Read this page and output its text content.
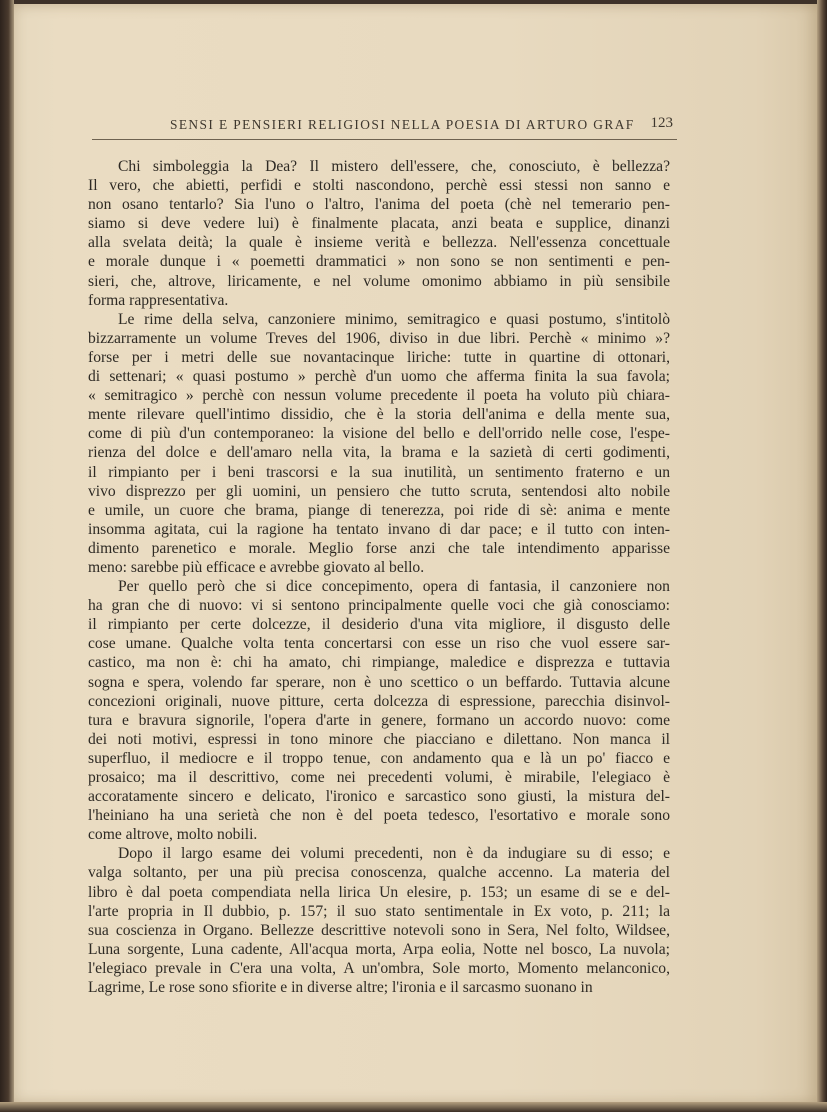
SENSI E PENSIERI RELIGIOSI NELLA POESIA DI ARTURO GRAF 123
Chi simboleggia la Dea? Il mistero dell'essere, che, conosciuto, è bellezza?
Il vero, che abietti, perfidi e stolti nascondono, perchè essi stessi non sanno e
non osano tentarlo? Sia l'uno o l'altro, l'anima del poeta (chè nel temerario pen-
siamo si deve vedere lui) è finalmente placata, anzi beata e supplice, dinanzi
alla svelata deità; la quale è insieme verità e bellezza. Nell'essenza concettuale
e morale dunque i « poemetti drammatici » non sono se non sentimenti e pen-
sieri, che, altrove, liricamente, e nel volume omonimo abbiamo in più sensibile
forma rappresentativa.
Le rime della selva, canzoniere minimo, semitragico e quasi postumo, s'intitolò
bizzarramente un volume Treves del 1906, diviso in due libri. Perchè « minimo »?
forse per i metri delle sue novantacinque liriche: tutte in quartine di ottonari,
di settenari; « quasi postumo » perchè d'un uomo che afferma finita la sua favola;
« semitragico » perchè con nessun volume precedente il poeta ha voluto più chiara-
mente rilevare quell'intimo dissidio, che è la storia dell'anima e della mente sua,
come di più d'un contemporaneo: la visione del bello e dell'orrido nelle cose, l'espe-
rienza del dolce e dell'amaro nella vita, la brama e la sazietà di certi godimenti,
il rimpianto per i beni trascorsi e la sua inutilità, un sentimento fraterno e un
vivo disprezzo per gli uomini, un pensiero che tutto scruta, sentendosi alto nobile
e umile, un cuore che brama, piange di tenerezza, poi ride di sè: anima e mente
insomma agitata, cui la ragione ha tentato invano di dar pace; e il tutto con inten-
dimento parenetico e morale. Meglio forse anzi che tale intendimento apparisse
meno: sarebbe più efficace e avrebbe giovato al bello.
Per quello però che si dice concepimento, opera di fantasia, il canzoniere non
ha gran che di nuovo: vi si sentono principalmente quelle voci che già conosciamo:
il rimpianto per certe dolcezze, il desiderio d'una vita migliore, il disgusto delle
cose umane. Qualche volta tenta concertarsi con esse un riso che vuol essere sar-
castico, ma non è: chi ha amato, chi rimpiange, maledice e disprezza e tuttavia
sogna e spera, volendo far sperare, non è uno scettico o un beffardo. Tuttavia alcune
concezioni originali, nuove pitture, certa dolcezza di espressione, parecchia disinvol-
tura e bravura signorile, l'opera d'arte in genere, formano un accordo nuovo: come
dei noti motivi, espressi in tono minore che piacciano e dilettano. Non manca il
superfluo, il mediocre e il troppo tenue, con andamento qua e là un po' fiacco e
prosaico; ma il descrittivo, come nei precedenti volumi, è mirabile, l'elegiaco è
accoratamente sincero e delicato, l'ironico e sarcastico sono giusti, la mistura del-
l'heiniano ha una serietà che non è del poeta tedesco, l'esortativo e morale sono
come altrove, molto nobili.
Dopo il largo esame dei volumi precedenti, non è da indugiare su di esso; e
valga soltanto, per una più precisa conoscenza, qualche accenno. La materia del
libro è dal poeta compendiata nella lirica Un elesire, p. 153; un esame di se e del-
l'arte propria in Il dubbio, p. 157; il suo stato sentimentale in Ex voto, p. 211; la
sua coscienza in Organo. Bellezze descrittive notevoli sono in Sera, Nel folto, Wildsee,
Luna sorgente, Luna cadente, All'acqua morta, Arpa eolia, Notte nel bosco, La nuvola;
l'elegiaco prevale in C'era una volta, A un'ombra, Sole morto, Momento melanconico,
Lagrime, Le rose sono sfiorite e in diverse altre; l'ironia e il sarcasmo suonano in
